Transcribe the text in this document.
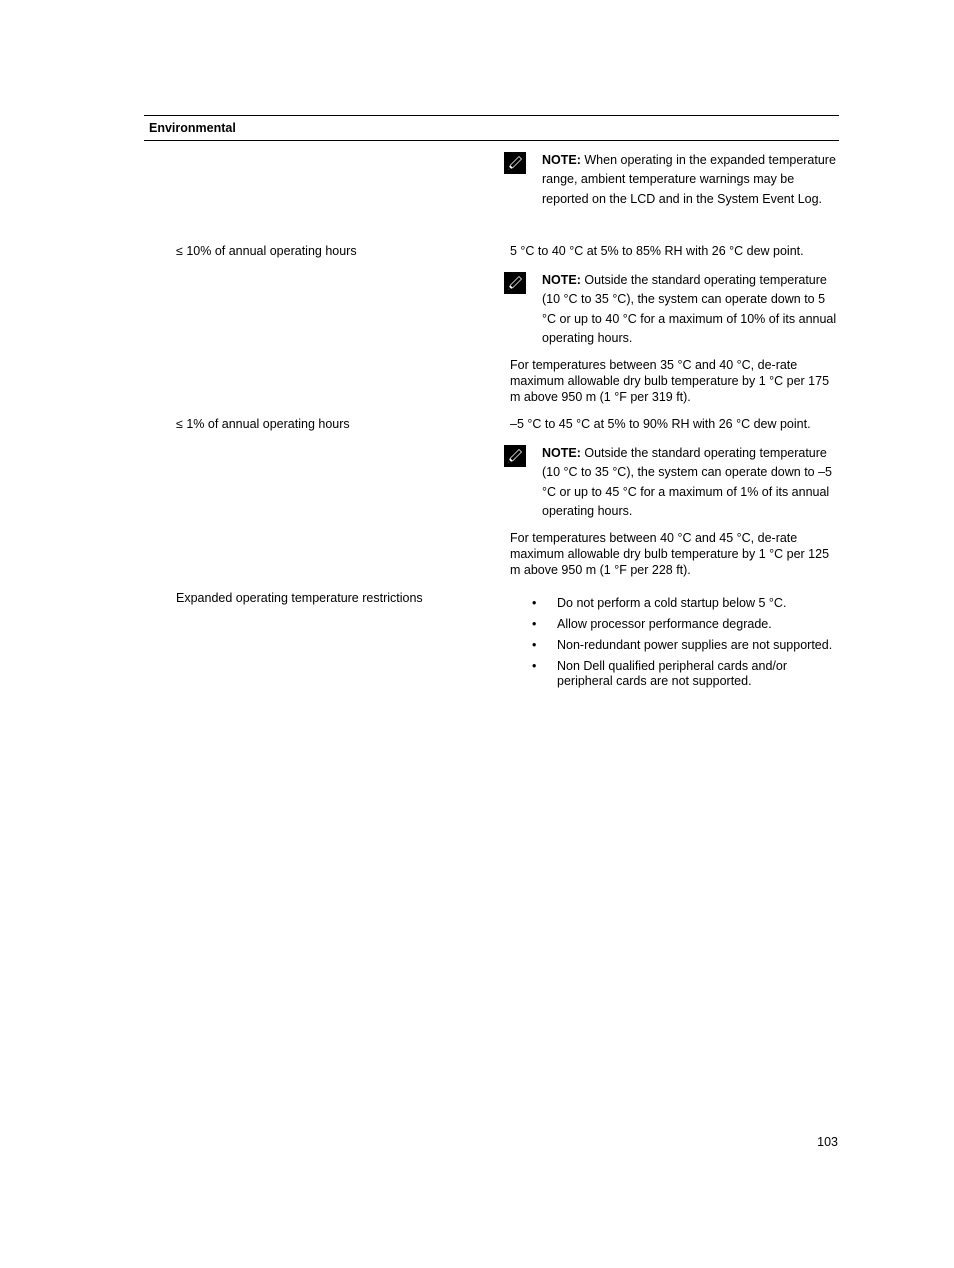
Environmental
NOTE: When operating in the expanded temperature range, ambient temperature warnings may be reported on the LCD and in the System Event Log.
≤ 10% of annual operating hours	5 °C to 40 °C at 5% to 85% RH with 26 °C dew point.
NOTE: Outside the standard operating temperature (10 °C to 35 °C), the system can operate down to 5 °C or up to 40 °C for a maximum of 10% of its annual operating hours.
For temperatures between 35 °C and 40 °C, de-rate maximum allowable dry bulb temperature by 1 °C per 175 m above 950 m (1 °F per 319 ft).
≤ 1% of annual operating hours	–5 °C to 45 °C at 5% to 90% RH with 26 °C dew point.
NOTE: Outside the standard operating temperature (10 °C to 35 °C), the system can operate down to –5 °C or up to 45 °C for a maximum of 1% of its annual operating hours.
For temperatures between 40 °C and 45 °C, de-rate maximum allowable dry bulb temperature by 1 °C per 125 m above 950 m (1 °F per 228 ft).
Expanded operating temperature restrictions	• Do not perform a cold startup below 5 °C.
• Allow processor performance degrade.
• Non-redundant power supplies are not supported.
• Non Dell qualified peripheral cards and/or peripheral cards are not supported.
103
